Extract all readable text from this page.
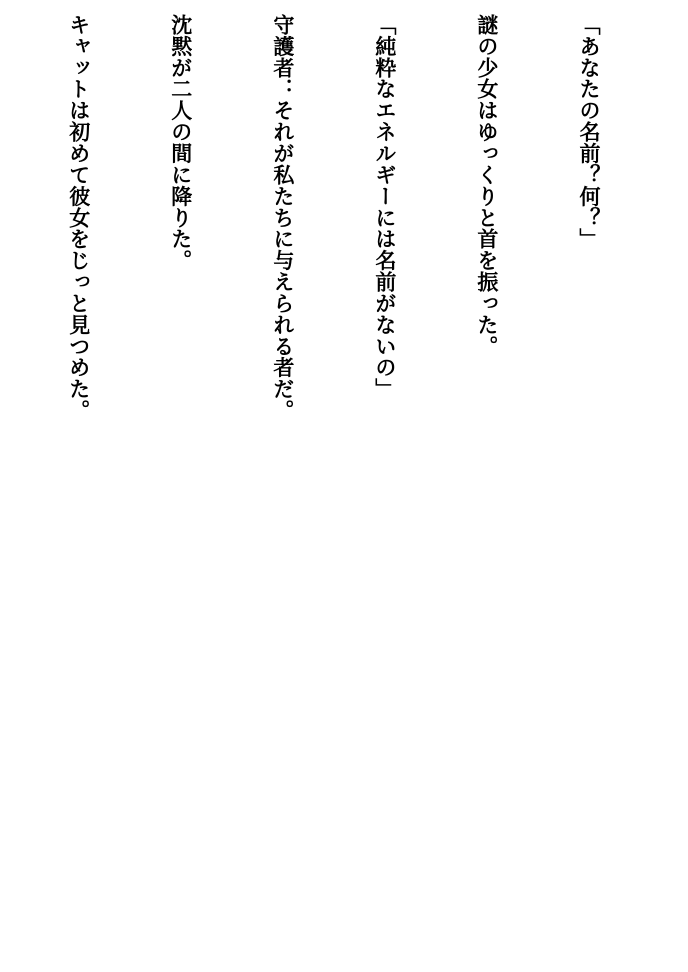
「あなたの名前？何？」

謎の少女はゆっくりと首を振った。

「純粋なエネルギーには名前がないの」

守護者：それが私たちに与えられる者だ。

沈黙が二人の間に降りた。

キャットは初めて彼女をじっと見つめた。
